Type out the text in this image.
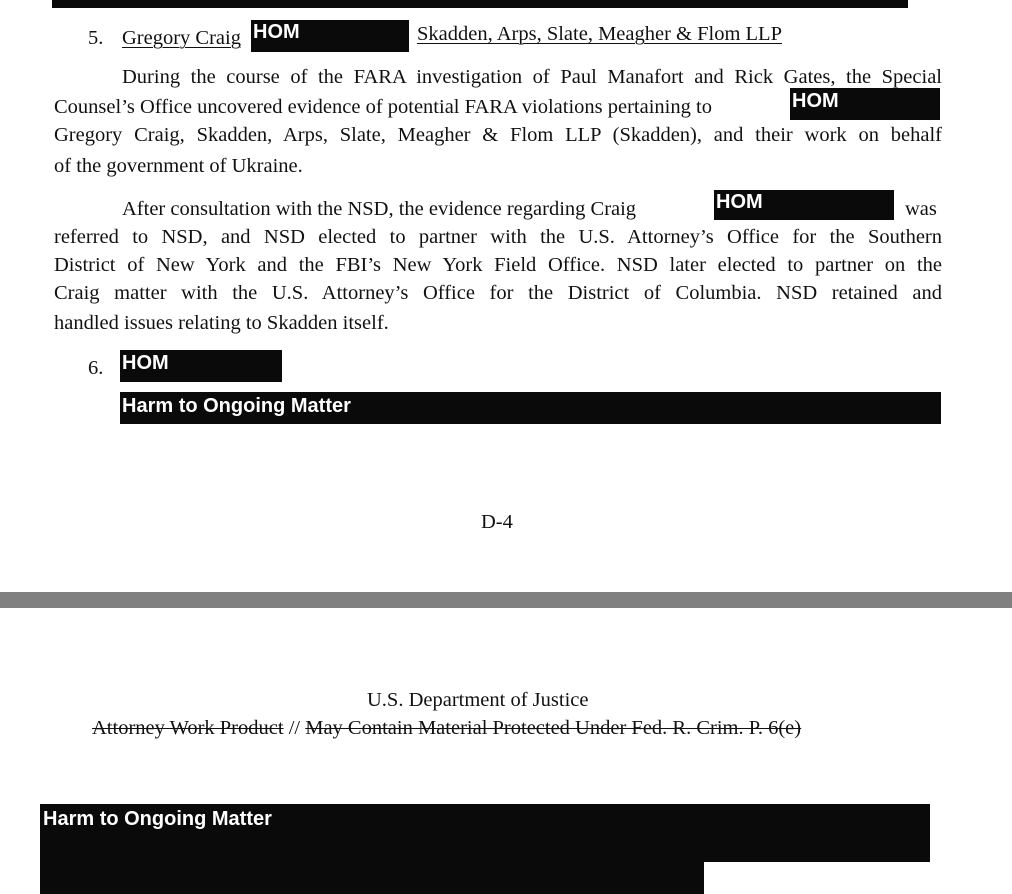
5. Gregory Craig HOM	Skadden, Arps, Slate, Meagher & Flom LLP
During the course of the FARA investigation of Paul Manafort and Rick Gates, the Special
Counsel’s Office uncovered evidence of potential FARA violations pertaining to	HOM
Gregory Craig, Skadden, Arps, Slate, Meagher & Flom LLP (Skadden), and their work on behalf
of the government of Ukraine.
After consultation with the NSD, the evidence regarding Craig	HOM	was
referred to NSD, and NSD elected to partner with the U.S. Attorney’s Office for the Southern
District of New York and the FBI’s New York Field Office. NSD later elected to partner on the
Craig matter with the U.S. Attorney’s Office for the District of Columbia. NSD retained and
handled issues relating to Skadden itself.
6. HOM
Harm to Ongoing Matter
D-4
U.S. Department of Justice
Attorney Work Product // May Contain Material Protected Under Fed. R. Crim. P. 6(e)
Harm to Ongoing Matter
